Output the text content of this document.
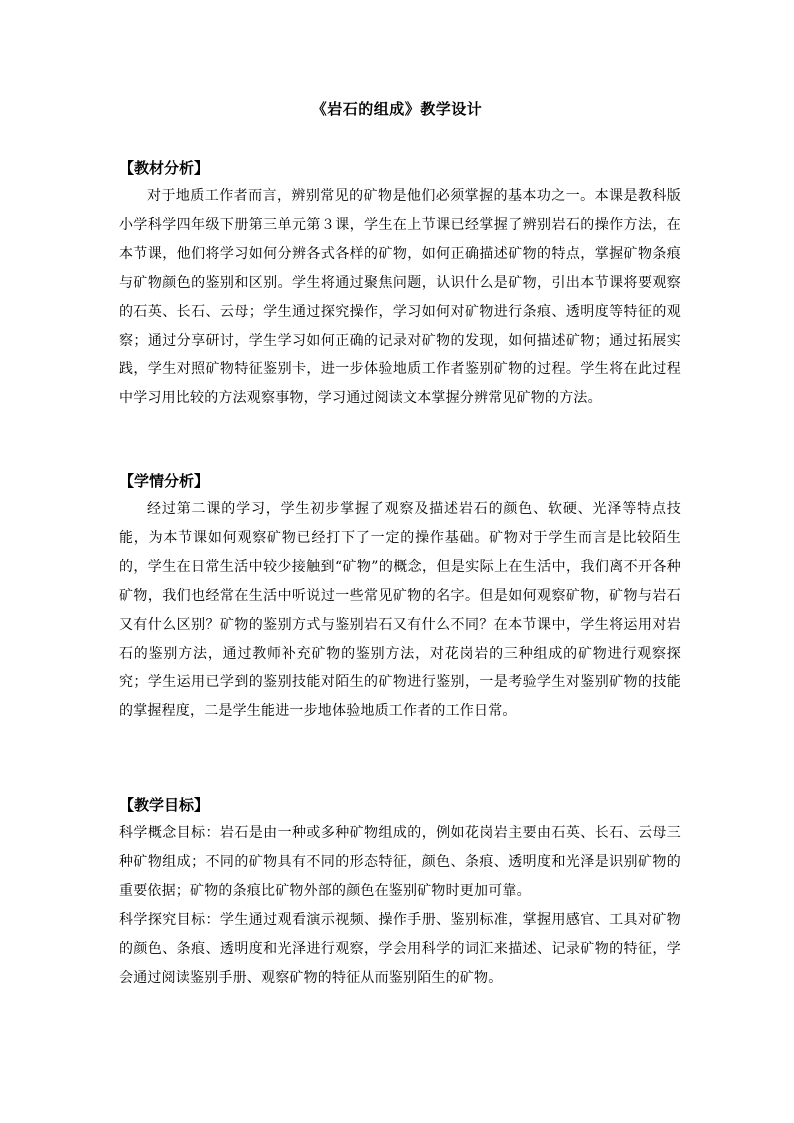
《岩石的组成》教学设计
【教材分析】

对于地质工作者而言，辨别常见的矿物是他们必须掌握的基本功之一。本课是教科版小学科学四年级下册第三单元第３课，学生在上节课已经掌握了辨别岩石的操作方法，在本节课，他们将学习如何分辨各式各样的矿物，如何正确描述矿物的特点，掌握矿物条痕与矿物颜色的鉴别和区别。学生将通过聚焦问题，认识什么是矿物，引出本节课将要观察的石英、长石、云母；学生通过探究操作，学习如何对矿物进行条痕、透明度等特征的观察；通过分享研讨，学生学习如何正确的记录对矿物的发现，如何描述矿物；通过拓展实践，学生对照矿物特征鉴别卡，进一步体验地质工作者鉴别矿物的过程。学生将在此过程中学习用比较的方法观察事物，学习通过阅读文本掌握分辨常见矿物的方法。

【学情分析】

经过第二课的学习，学生初步掌握了观察及描述岩石的颜色、软硬、光泽等特点技能，为本节课如何观察矿物已经打下了一定的操作基础。矿物对于学生而言是比较陌生的，学生在日常生活中较少接触到“矿物”的概念，但是实际上在生活中，我们离不开各种矿物，我们也经常在生活中听说过一些常见矿物的名字。但是如何观察矿物，矿物与岩石又有什么区别？矿物的鉴别方式与鉴别岩石又有什么不同？在本节课中，学生将运用对岩石的鉴别方法，通过教师补充矿物的鉴别方法，对花岗岩的三种组成的矿物进行观察探究；学生运用已学到的鉴别技能对陌生的矿物进行鉴别，一是考验学生对鉴别矿物的技能的掌握程度，二是学生能进一步地体验地质工作者的工作日常。

【教学目标】

科学概念目标：岩石是由一种或多种矿物组成的，例如花岗岩主要由石英、长石、云母三种矿物组成；不同的矿物具有不同的形态特征，颜色、条痕、透明度和光泽是识别矿物的重要依据；矿物的条痕比矿物外部的颜色在鉴别矿物时更加可靠。

科学探究目标：学生通过观看演示视频、操作手册、鉴别标准，掌握用感官、工具对矿物的颜色、条痕、透明度和光泽进行观察，学会用科学的词汇来描述、记录矿物的特征，学会通过阅读鉴别手册、观察矿物的特征从而鉴别陌生的矿物。
